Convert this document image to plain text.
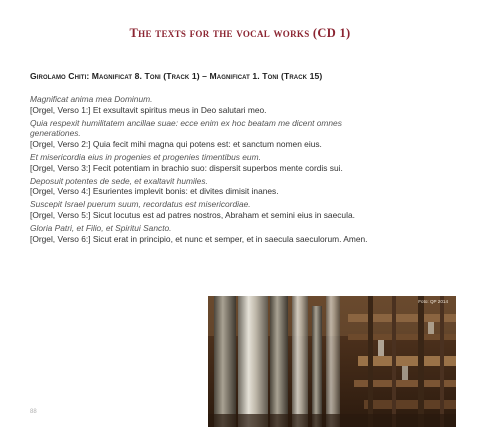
The texts for the vocal works (CD 1)
Girolamo Chiti: Magnificat 8. Toni (Track 1) – Magnificat 1. Toni (Track 15)

Magnificat anima mea Dominum.
[Orgel, Verso 1:] Et exsultavit spiritus meus in Deo salutari meo.

Quia respexit humilitatem ancillae suae: ecce enim ex hoc beatam me dicent omnes generationes.
[Orgel, Verso 2:] Quia fecit mihi magna qui potens est: et sanctum nomen eius.

Et misericordia eius in progenies et progenies timentibus eum.
[Orgel, Verso 3:] Fecit potentiam in brachio suo: dispersit superbos mente cordis sui.

Deposuit potentes de sede, et exaltavit humiles.
[Orgel, Verso 4:] Esurientes implevit bonis: et divites dimisit inanes.

Suscepit Israel puerum suum, recordatus est misericordiae.
[Orgel, Verso 5:] Sicut locutus est ad patres nostros, Abraham et semini eius in saecula.

Gloria Patri, et Filio, et Spiritui Sancto.
[Orgel, Verso 6:] Sicut erat in principio, et nunc et semper, et in saecula saeculorum. Amen.

Foto: QP 2014
88
